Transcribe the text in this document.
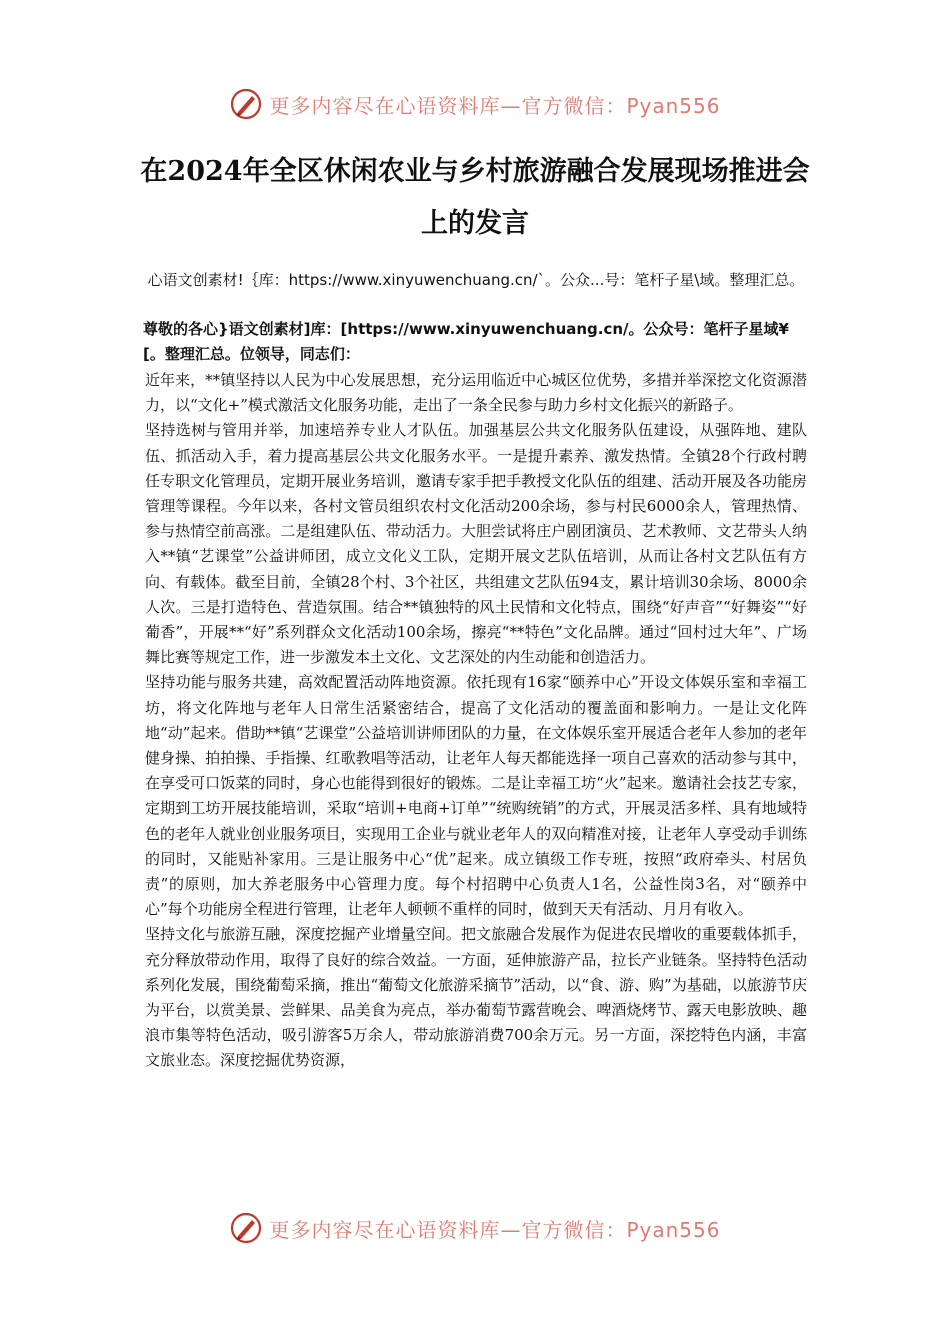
更多内容尽在心语资料库—官方微信：Pyan556
在2024年全区休闲农业与乡村旅游融合发展现场推进会上的发言
心语文创素材!｛库：https://www.xinyuwenchuang.cn/`。公众...号：笔杆子星\域。整理汇总。
尊敬的各心}语文创素材]库：[https://www.xinyuwenchuang.cn/。公众号：笔杆子星域¥[。整理汇总。位领导，同志们：

近年来，**镇坚持以人民为中心发展思想，充分运用临近中心城区位优势，多措并举深挖文化资源潜力，以“文化+”模式激活文化服务功能，走出了一条全民参与助力乡村文化振兴的新路子。

坚持选树与管用并举，加速培养专业人才队伍。加强基层公共文化服务队伍建设，从强阵地、建队伍、抓活动入手，着力提高基层公共文化服务水平。一是提升素养、激发热情。全镇28个行政村聘任专职文化管理员，定期开展业务培训，邀请专家手把手教授文化队伍的组建、活动开展及各功能房管理等课程。今年以来，各村文管员组织农村文化活动200余场，参与村民6000余人，管理热情、参与热情空前高涨。二是组建队伍、带动活力。大胆尝试将庄户剧团演员、艺术教师、文艺带头人纳入**镇“艺课堂”公益讲师团，成立文化义工队，定期开展文艺队伍培训，从而让各村文艺队伍有方向、有载体。截至目前，全镇28个村、3个社区，共组建文艺队伍94支，累计培训30余场、8000余人次。三是打造特色、营造氛围。结合**镇独特的风土民情和文化特点，围绕“好声音”“好舞姿”“好葡香”，开展**“好”系列群众文化活动100余场，擦亮“**特色”文化品牌。通过“回村过大年”、广场舞比赛等规定工作，进一步激发本土文化、文艺深处的内生动能和创造活力。

坚持功能与服务共建，高效配置活动阵地资源。依托现有16家“颐养中心”开设文体娱乐室和幸福工坊，将文化阵地与老年人日常生活紧密结合，提高了文化活动的覆盖面和影响力。一是让文化阵地“动”起来。借助**镇“艺课堂”公益培训讲师团队的力量，在文体娱乐室开展适合老年人参加的老年健身操、拍拍操、手指操、红歌教唱等活动，让老年人每天都能选择一项自己喜欢的活动参与其中，在享受可口饭菜的同时，身心也能得到很好的锻炼。二是让幸福工坊“火”起来。邀请社会技艺专家，定期到工坊开展技能培训，采取“培训+电商+订单”“统购统销”的方式，开展灵活多样、具有地域特色的老年人就业创业服务项目，实现用工企业与就业老年人的双向精准对接，让老年人享受动手训练的同时，又能贴补家用。三是让服务中心“优”起来。成立镇级工作专班，按照“政府牵头、村居负责”的原则，加大养老服务中心管理力度。每个村招聘中心负责人1名，公益性岗3名，对“颐养中心”每个功能房全程进行管理，让老年人顿顿不重样的同时，做到天天有活动、月月有收入。

坚持文化与旅游互融，深度挖掘产业增量空间。把文旅融合发展作为促进农民增收的重要载体抓手，充分释放带动作用，取得了良好的综合效益。一方面，延伸旅游产品，拉长产业链条。坚持特色活动系列化发展，围绕葡萄采摘，推出“葡萄文化旅游采摘节”活动，以“食、游、购”为基础，以旅游节庆为平台，以赏美景、尝鲜果、品美食为亮点，举办葡萄节露营晚会、啤酒烧烤节、露天电影放映、趣浪市集等特色活动，吸引游客5万余人，带动旅游消费700余万元。另一方面，深挖特色内涵，丰富文旅业态。深度挖掘优势资源，

更多内容尽在心语资料库—官方微信：Pyan556
